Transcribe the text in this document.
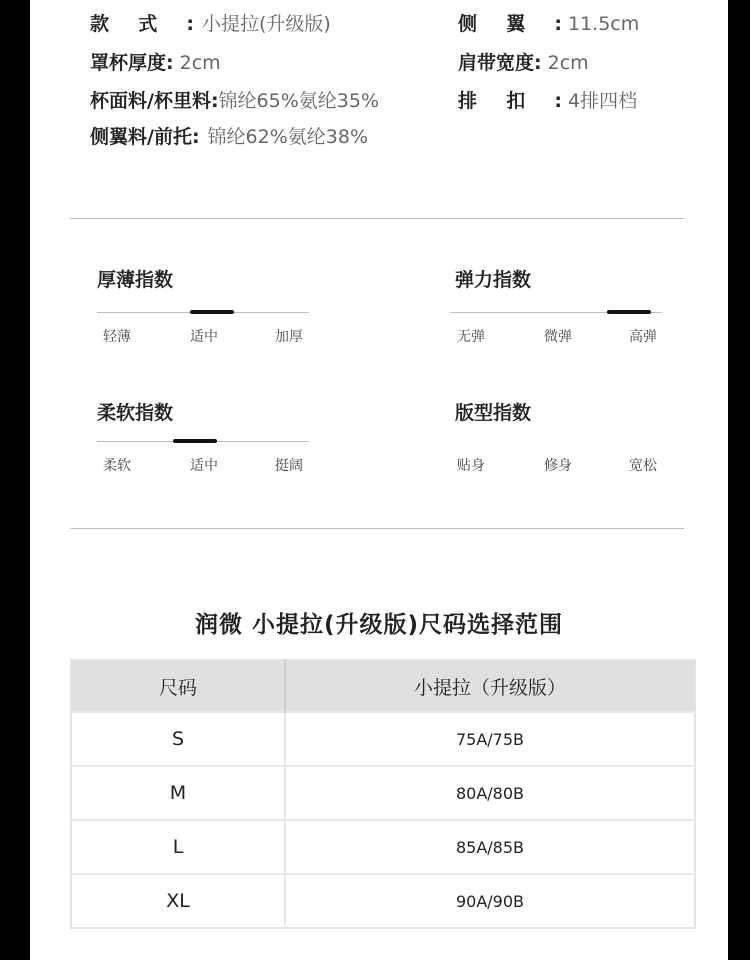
款式: 小提拉(升级版)
罩杯厚度: 2cm
杯面料/杯里料:锦纶65%氨纶35%
侧翼料/前托: 锦纶62%氨纶38%
侧翼: 11.5cm
肩带宽度: 2cm
排扣: 4排四档
厚薄指数
轻薄	适中	加厚
弹力指数
无弹	微弹	高弹
柔软指数
柔软	适中	挺阔
版型指数
贴身	修身	宽松
润微 小提拉(升级版)尺码选择范围
尺码	小提拉（升级版）
S	75A/75B
M	80A/80B
L	85A/85B
XL	90A/90B
